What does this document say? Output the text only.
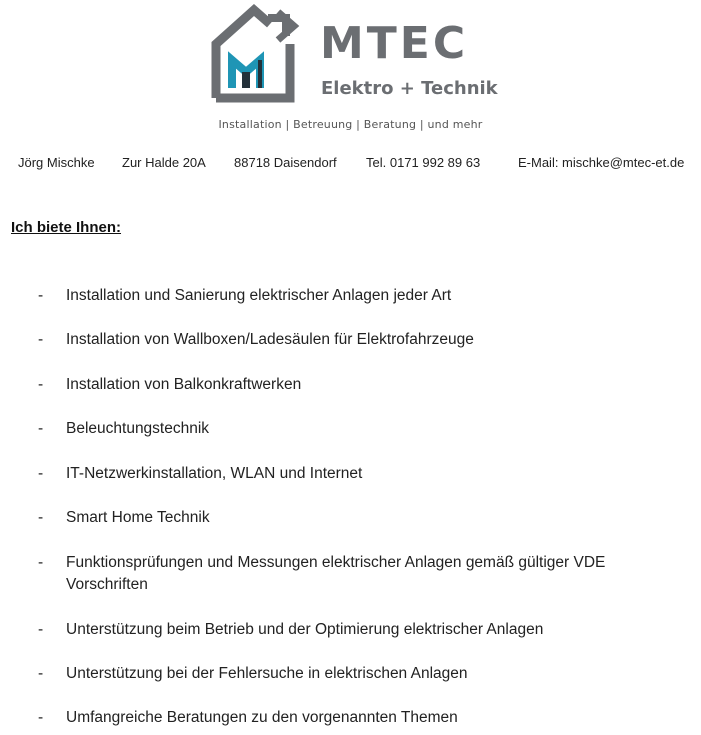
MTEC
Elektro + Technik
Installation | Betreuung | Beratung | und mehr
Jörg Mischke Zur Halde 20A 88718 Daisendorf Tel. 0171 992 89 63	E-Mail: mischke@mtec-et.de
Ich biete Ihnen:
- Installation und Sanierung elektrischer Anlagen jeder Art
- Installation von Wallboxen/Ladesäulen für Elektrofahrzeuge
- Installation von Balkonkraftwerken
- Beleuchtungstechnik
- IT-Netzwerkinstallation, WLAN und Internet
- Smart Home Technik
- Funktionsprüfungen und Messungen elektrischer Anlagen gemäß gültiger VDE Vorschriften
- Unterstützung beim Betrieb und der Optimierung elektrischer Anlagen
- Unterstützung bei der Fehlersuche in elektrischen Anlagen
- Umfangreiche Beratungen zu den vorgenannten Themen
